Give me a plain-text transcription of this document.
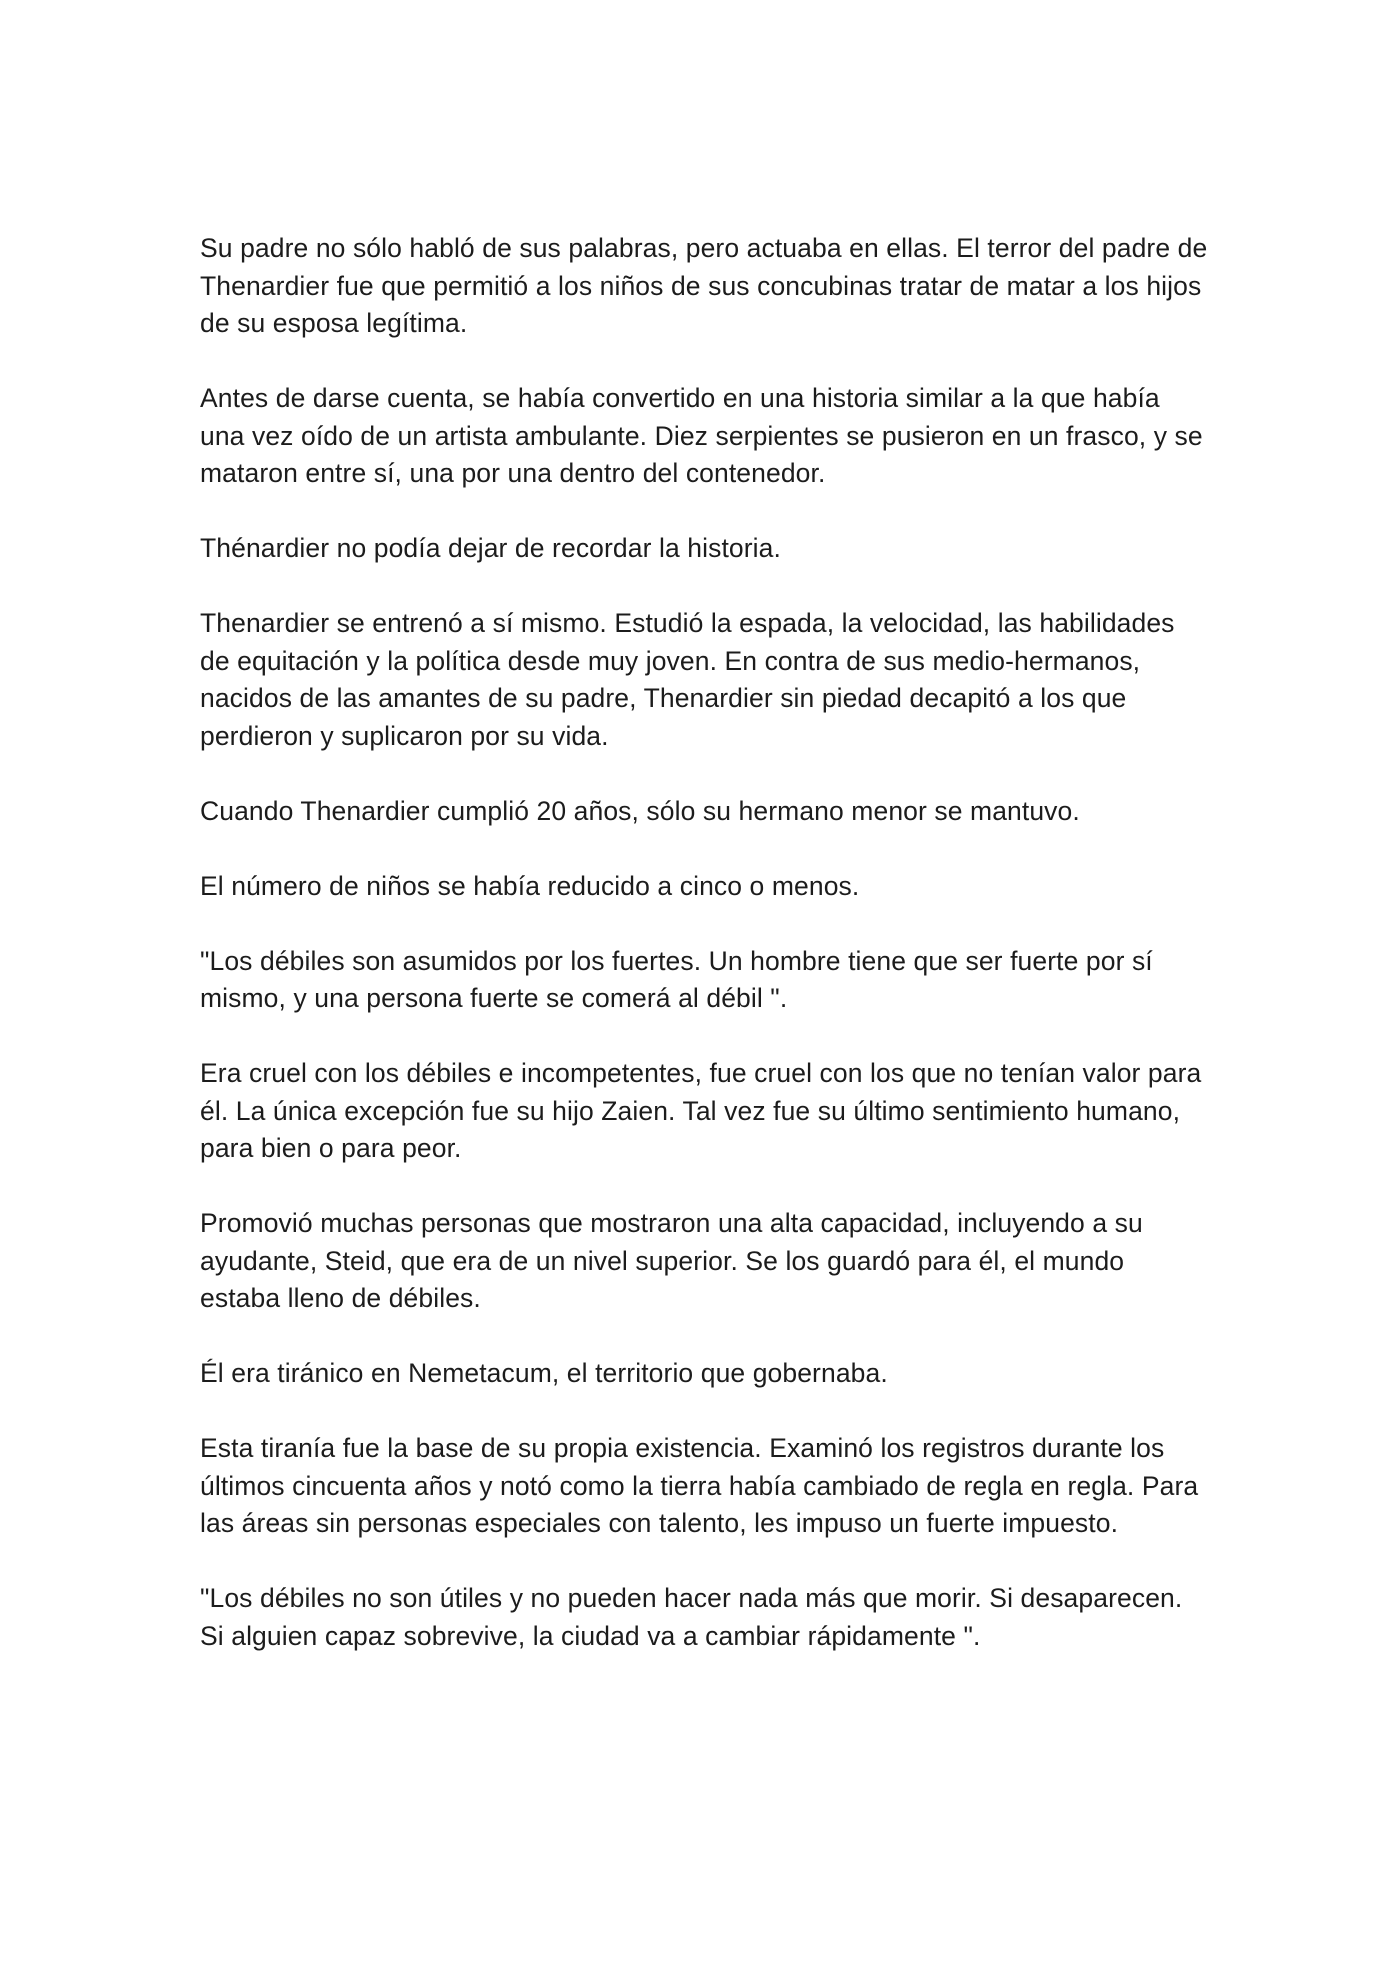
Su padre no sólo habló de sus palabras, pero actuaba en ellas. El terror del padre de Thenardier fue que permitió a los niños de sus concubinas tratar de matar a los hijos de su esposa legítima.

Antes de darse cuenta, se había convertido en una historia similar a la que había una vez oído de un artista ambulante. Diez serpientes se pusieron en un frasco, y se mataron entre sí, una por una dentro del contenedor.

Thénardier no podía dejar de recordar la historia.

Thenardier se entrenó a sí mismo. Estudió la espada, la velocidad, las habilidades de equitación y la política desde muy joven. En contra de sus medio-hermanos, nacidos de las amantes de su padre, Thenardier sin piedad decapitó a los que perdieron y suplicaron por su vida.

Cuando Thenardier cumplió 20 años, sólo su hermano menor se mantuvo.

El número de niños se había reducido a cinco o menos.

"Los débiles son asumidos por los fuertes. Un hombre tiene que ser fuerte por sí mismo, y una persona fuerte se comerá al débil ".

Era cruel con los débiles e incompetentes, fue cruel con los que no tenían valor para él. La única excepción fue su hijo Zaien. Tal vez fue su último sentimiento humano, para bien o para peor.

Promovió muchas personas que mostraron una alta capacidad, incluyendo a su ayudante, Steid, que era de un nivel superior. Se los guardó para él, el mundo estaba lleno de débiles.

Él era tiránico en Nemetacum, el territorio que gobernaba.

Esta tiranía fue la base de su propia existencia. Examinó los registros durante los últimos cincuenta años y notó como la tierra había cambiado de regla en regla. Para las áreas sin personas especiales con talento, les impuso un fuerte impuesto.

"Los débiles no son útiles y no pueden hacer nada más que morir. Si desaparecen. Si alguien capaz sobrevive, la ciudad va a cambiar rápidamente ".
